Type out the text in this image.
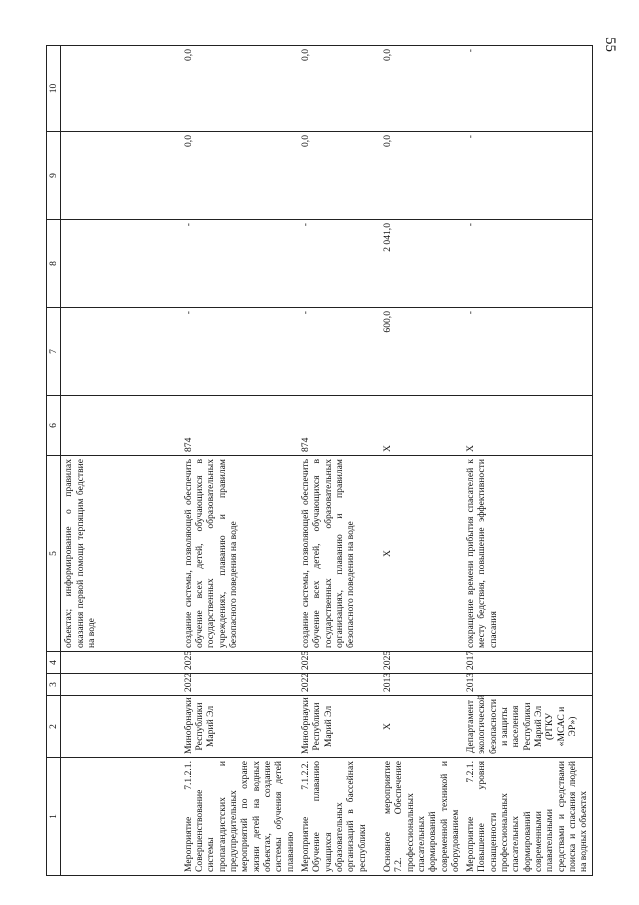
55
1	2	3	4	5	6	7	8	9	10
				объектах; информирование о правилах оказания первой помощи терпящим бедствие на воде					
Мероприятие 7.1.2.1. Совершенствование системы пропагандистских и предупредительных мероприятий по охране жизни детей на водных объектах, создание системы обучения детей плаванию	Минобрнауки Республики Марий Эл	2022	2025	создание системы, позволяющей обеспечить обучение всех детей, обучающихся в государственных образовательных учреждениях, плаванию и правилам безопасного поведения на воде	874	-	-	0,0	0,0
Мероприятие 7.1.2.2. Обучение плаванию учащихся образовательных организаций в бассейнах республики	Минобрнауки Республики Марий Эл	2022	2025	создание системы, позволяющей обеспечить обучение всех детей, обучающихся в государственных образовательных организациях, плаванию и правилам безопасного поведения на воде	874	-	-	0,0	0,0
Основное мероприятие 7.2. Обеспечение профессиональных спасательных формирований современной техникой и оборудованием	X	2013	2025	X	X	600,0	2 041,0	0,0	0,0
Мероприятие 7.2.1. Повышение уровня оснащенности профессиональных спасательных формирований современными плавательными средствами и средствами поиска и спасания людей на водных объектах	Департамент экологической безопасности и защиты населения Республики Марий Эл (РГКУ «МСАС и ЭР»)	2013	2017	сокращение времени прибытия спасателей к месту бедствия, повышение эффективности спасания	X	-	-	-	-
